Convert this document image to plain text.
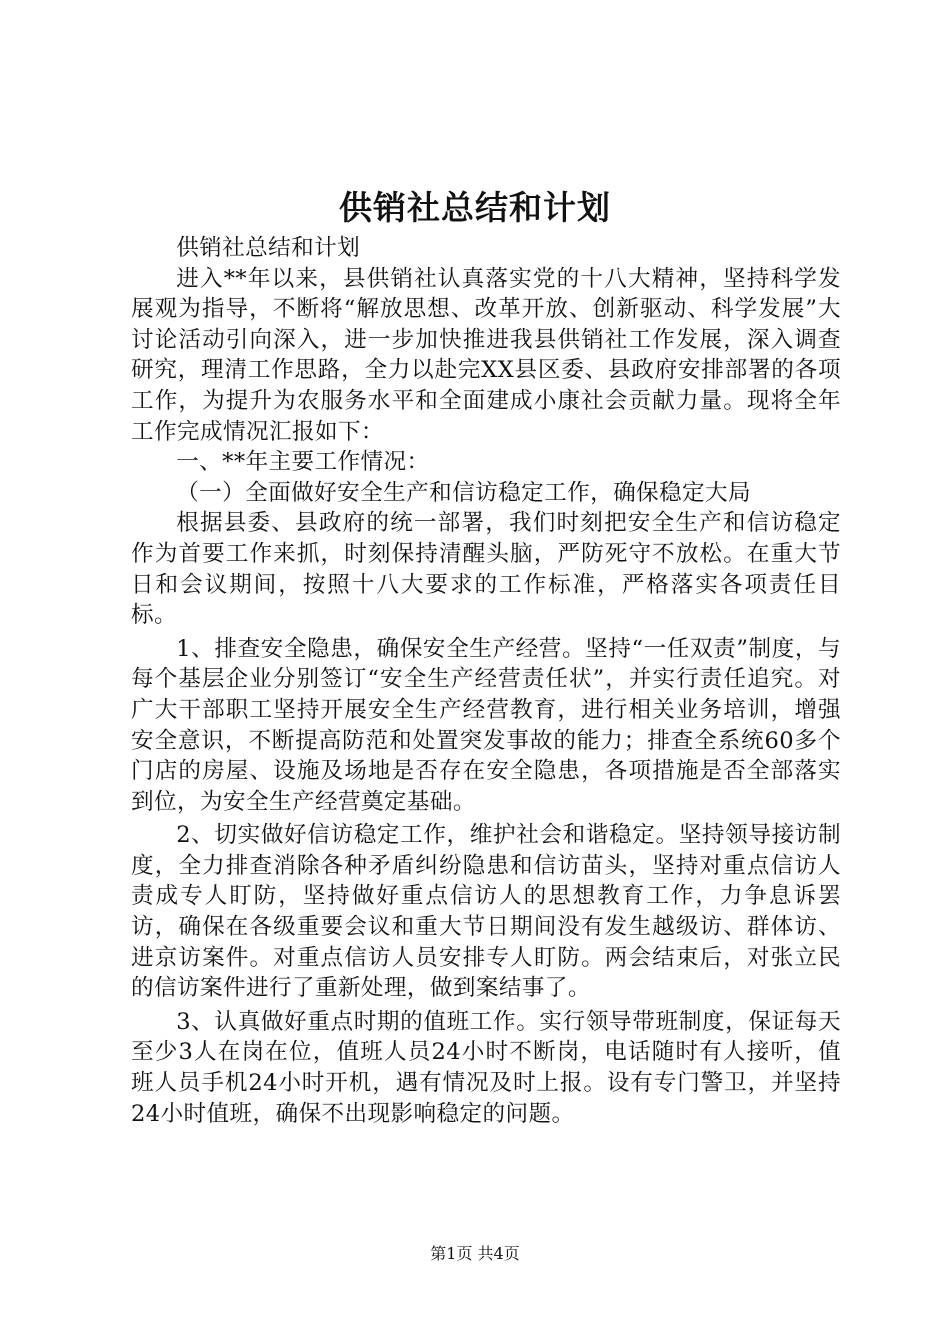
供销社总结和计划

供销社总结和计划

进入**年以来，县供销社认真落实党的十八大精神，坚持科学发展观为指导，不断将“解放思想、改革开放、创新驱动、科学发展”大讨论活动引向深入，进一步加快推进我县供销社工作发展，深入调查研究，理清工作思路，全力以赴完XX县区委、县政府安排部署的各项工作，为提升为农服务水平和全面建成小康社会贡献力量。现将全年工作完成情况汇报如下：

一、**年主要工作情况：

（一）全面做好安全生产和信访稳定工作，确保稳定大局

根据县委、县政府的统一部署，我们时刻把安全生产和信访稳定作为首要工作来抓，时刻保持清醒头脑，严防死守不放松。在重大节日和会议期间，按照十八大要求的工作标准，严格落实各项责任目标。

1、排查安全隐患，确保安全生产经营。坚持“一任双责”制度，与每个基层企业分别签订“安全生产经营责任状”，并实行责任追究。对广大干部职工坚持开展安全生产经营教育，进行相关业务培训，增强安全意识，不断提高防范和处置突发事故的能力；排查全系统60多个门店的房屋、设施及场地是否存在安全隐患，各项措施是否全部落实到位，为安全生产经营奠定基础。

2、切实做好信访稳定工作，维护社会和谐稳定。坚持领导接访制度，全力排查消除各种矛盾纠纷隐患和信访苗头，坚持对重点信访人责成专人盯防，坚持做好重点信访人的思想教育工作，力争息诉罢访，确保在各级重要会议和重大节日期间没有发生越级访、群体访、进京访案件。对重点信访人员安排专人盯防。两会结束后，对张立民的信访案件进行了重新处理，做到案结事了。

3、认真做好重点时期的值班工作。实行领导带班制度，保证每天至少3人在岗在位，值班人员24小时不断岗，电话随时有人接听，值班人员手机24小时开机，遇有情况及时上报。设有专门警卫，并坚持24小时值班，确保不出现影响稳定的问题。

第1页 共4页
